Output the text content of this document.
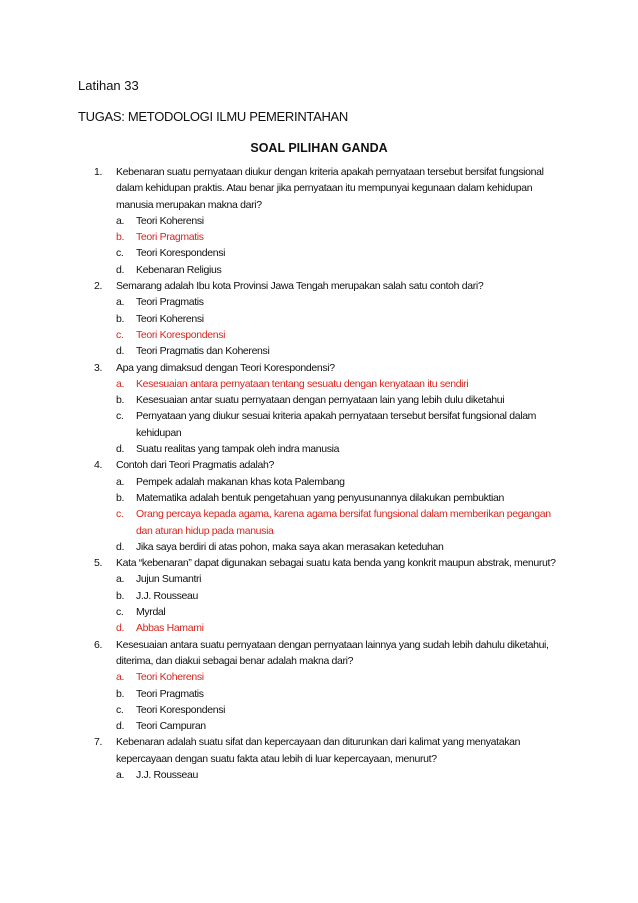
Latihan 33
TUGAS: METODOLOGI ILMU PEMERINTAHAN
SOAL PILIHAN GANDA
1.	Kebenaran suatu pernyataan diukur dengan kriteria apakah pernyataan tersebut bersifat fungsional dalam kehidupan praktis. Atau benar jika pernyataan itu mempunyai kegunaan dalam kehidupan manusia merupakan makna dari?
a.	Teori Koherensi
b.	Teori Pragmatis
c.	Teori Korespondensi
d.	Kebenaran Religius
2.	Semarang adalah Ibu kota Provinsi Jawa Tengah merupakan salah satu contoh dari?
a.	Teori Pragmatis
b.	Teori Koherensi
c.	Teori Korespondensi
d.	Teori Pragmatis dan Koherensi
3.	Apa yang dimaksud dengan Teori Korespondensi?
a.	Kesesuaian antara pernyataan tentang sesuatu dengan kenyataan itu sendiri
b.	Kesesuaian antar suatu pernyataan dengan pernyataan lain yang lebih dulu diketahui
c.	Pernyataan yang diukur sesuai kriteria apakah pernyataan tersebut bersifat fungsional dalam kehidupan
d.	Suatu realitas yang tampak oleh indra manusia
4.	Contoh dari Teori Pragmatis adalah?
a.	Pempek adalah makanan khas kota Palembang
b.	Matematika adalah bentuk pengetahuan yang penyusunannya dilakukan pembuktian
c.	Orang percaya kepada agama, karena agama bersifat fungsional dalam memberikan pegangan dan aturan hidup pada manusia
d.	Jika saya berdiri di atas pohon, maka saya akan merasakan keteduhan
5.	Kata “kebenaran” dapat digunakan sebagai suatu kata benda yang konkrit maupun abstrak, menurut?
a.	Jujun Sumantri
b.	J.J. Rousseau
c.	Myrdal
d.	Abbas Hamami
6.	Kesesuaian antara suatu pernyataan dengan pernyataan lainnya yang sudah lebih dahulu diketahui, diterima, dan diakui sebagai benar adalah makna dari?
a.	Teori Koherensi
b.	Teori Pragmatis
c.	Teori Korespondensi
d.	Teori Campuran
7.	Kebenaran adalah suatu sifat dan kepercayaan dan diturunkan dari kalimat yang menyatakan kepercayaan dengan suatu fakta atau lebih di luar kepercayaan, menurut?
a.	J.J. Rousseau
